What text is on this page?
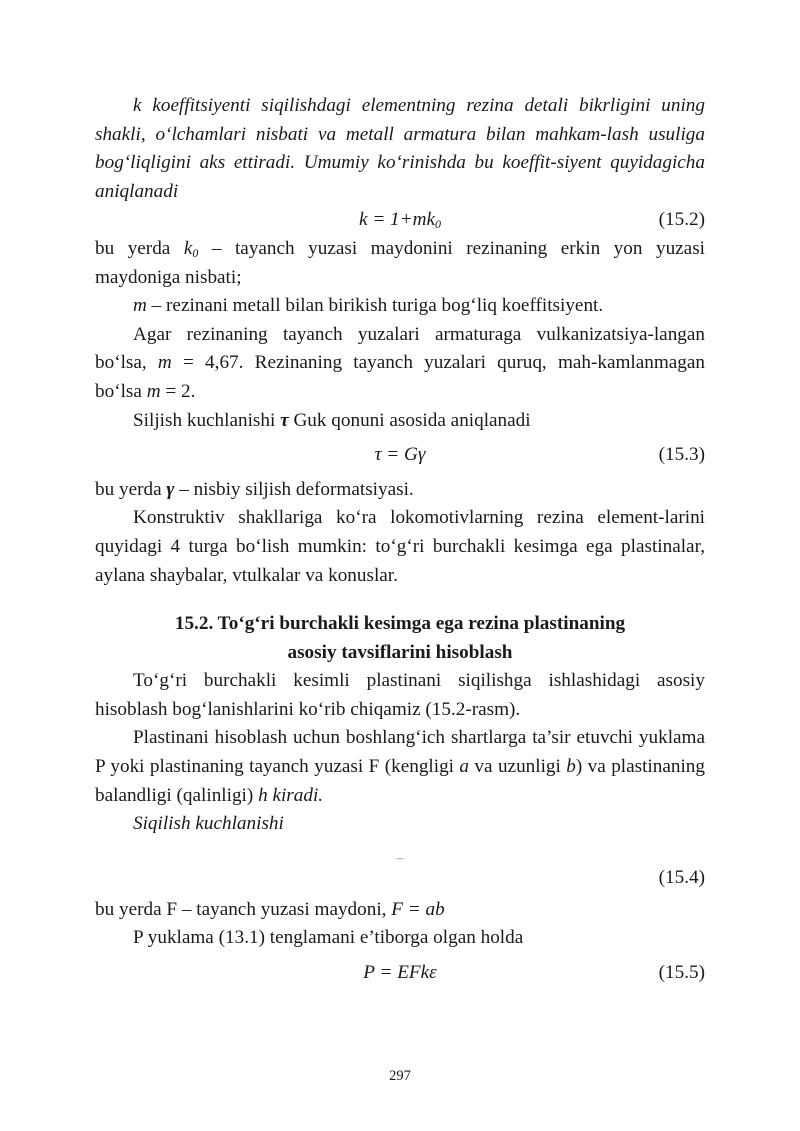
k koeffitsiyenti siqilishdagi elementning rezina detali bikrligini uning shakli, o‘lchamlari nisbati va metall armatura bilan mahkam-lash usuliga bog‘liqligini aks ettiradi. Umumiy ko‘rinishda bu koeffit-siyent quyidagicha aniqlanadi

$k = 1+mk_0$	(15.2)

bu yerda $k_0$ – tayanch yuzasi maydonini rezinaning erkin yon yuzasi maydoniga nisbati;

m – rezinani metall bilan birikish turiga bog‘liq koeffitsiyent.

Agar rezinaning tayanch yuzalari armaturaga vulkanizatsiya-langan bo‘lsa, m = 4,67. Rezinaning tayanch yuzalari quruq, mah-kamlanmagan bo‘lsa m = 2.

Siljish kuchlanishi τ Guk qonuni asosida aniqlanadi

τ = Gγ	(15.3)

bu yerda γ – nisbiy siljish deformatsiyasi.

Konstruktiv shakllariga ko‘ra lokomotivlarning rezina element-larini quyidagi 4 turga bo‘lish mumkin: to‘g‘ri burchakli kesimga ega plastinalar, aylana shaybalar, vtulkalar va konuslar.

15.2. To‘g‘ri burchakli kesimga ega rezina plastinaning

asosiy tavsiflarini hisoblash

To‘g‘ri burchakli kesimli plastinani siqilishga ishlashidagi asosiy hisoblash bog‘lanishlarini ko‘rib chiqamiz (15.2-rasm).

Plastinani hisoblash uchun boshlang‘ich shartlarga ta’sir etuvchi yuklama P yoki plastinaning tayanch yuzasi F (kengligi a va uzunligi b) va plastinaning balandligi (qalinligi) h kiradi.

Siqilish kuchlanishi

–
(15.4)

bu yerda F – tayanch yuzasi maydoni, F = ab

P yuklama (13.1) tenglamani e’tiborga olgan holda

P = EFkε	(15.5)
297
